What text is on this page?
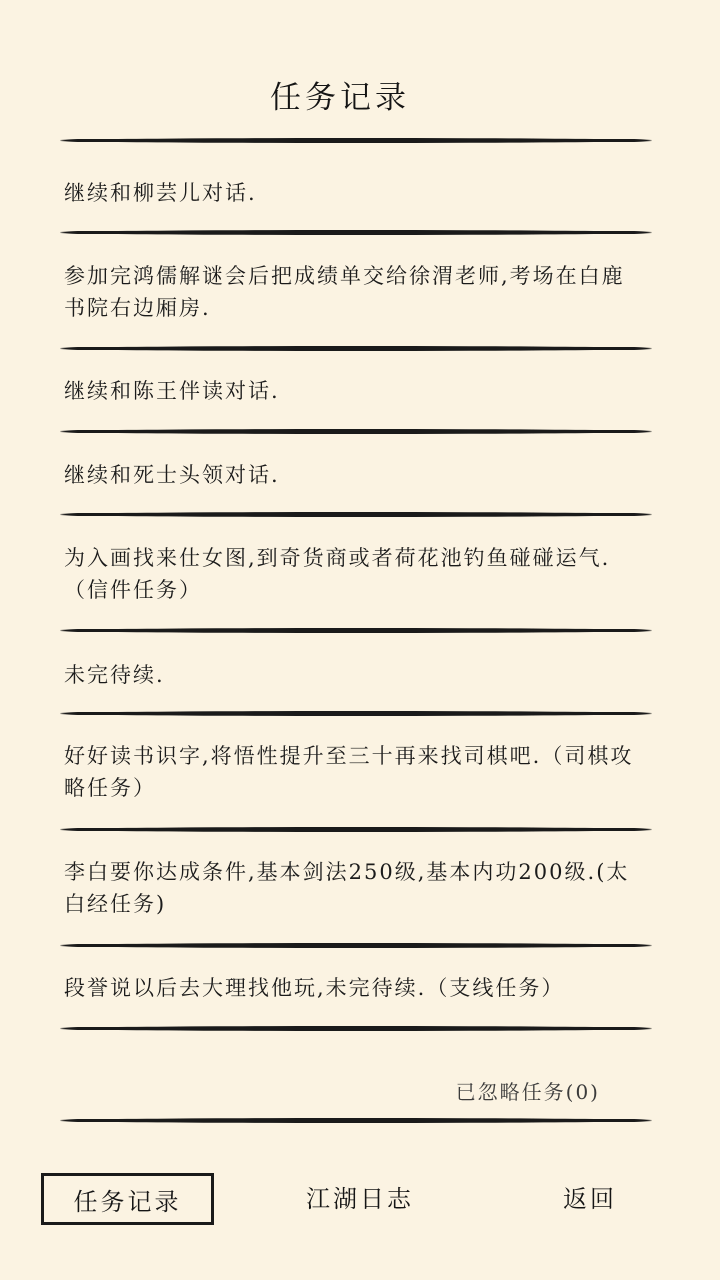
任务记录
继续和柳芸儿对话.
参加完鸿儒解谜会后把成绩单交给徐渭老师,考场在白鹿书院右边厢房.
继续和陈王伴读对话.
继续和死士头领对话.
为入画找来仕女图,到奇货商或者荷花池钓鱼碰碰运气.（信件任务）
未完待续.
好好读书识字,将悟性提升至三十再来找司棋吧.（司棋攻略任务）
李白要你达成条件,基本剑法250级,基本内功200级.(太白经任务)
段誉说以后去大理找他玩,未完待续.（支线任务）
已忽略任务(0)
任务记录	江湖日志	返回
